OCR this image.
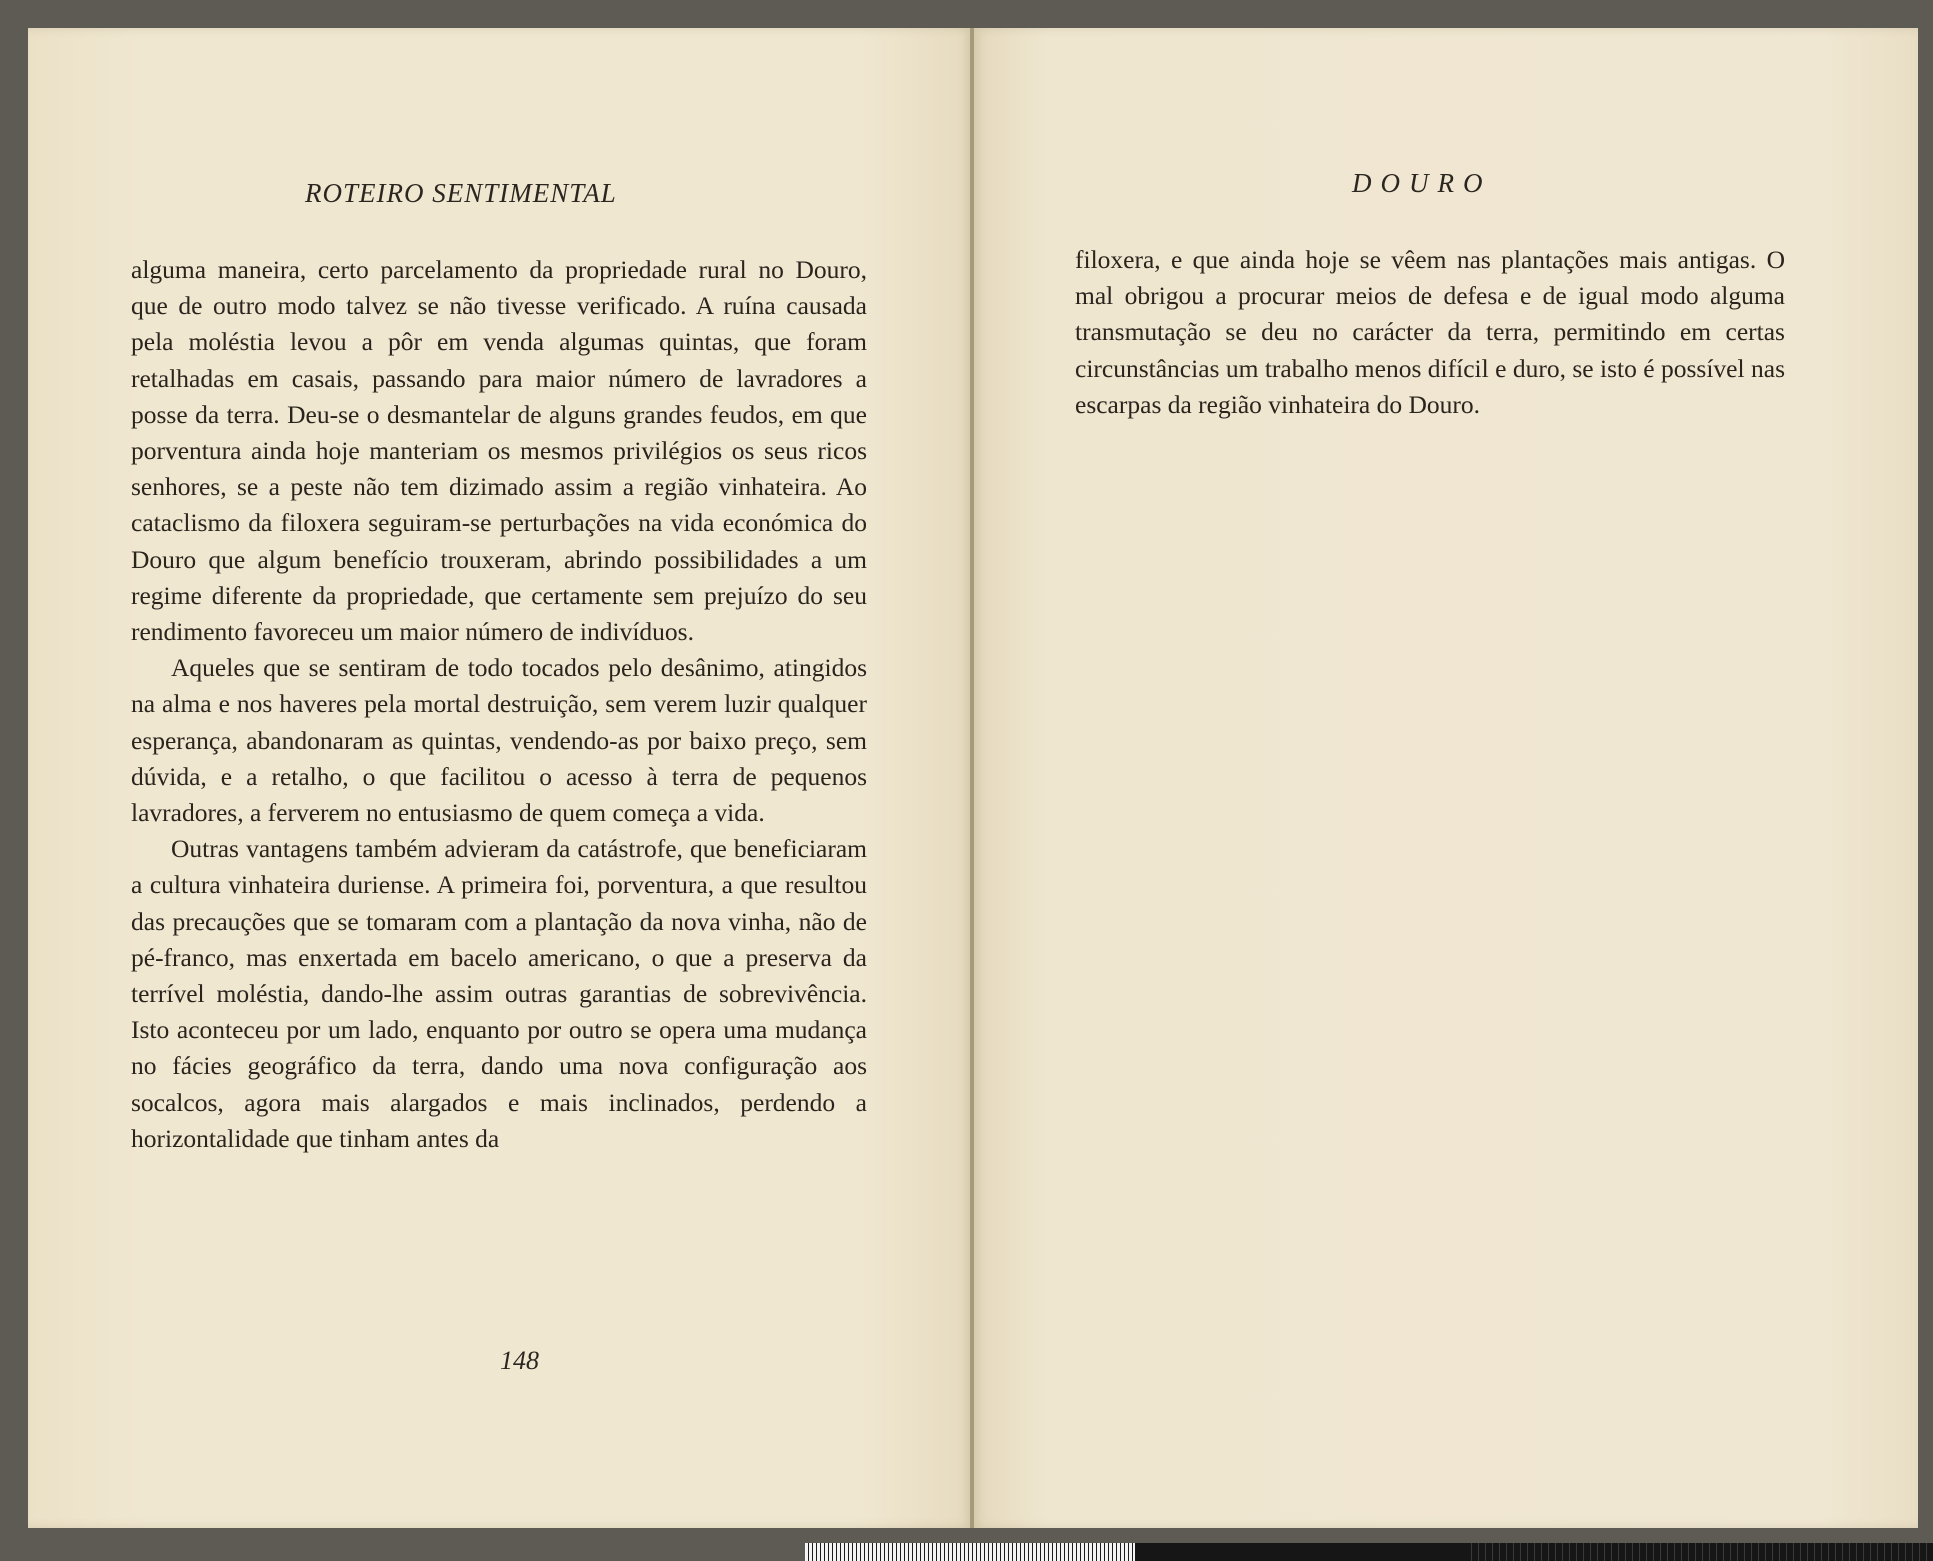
ROTEIRO SENTIMENTAL	DOURO

alguma maneira, certo parcelamento da propriedade rural no Douro, que de outro modo talvez se não tivesse verificado. A ruína causada pela moléstia levou a pôr em venda algumas quintas, que foram retalhadas em casais, passando para maior número de lavradores a posse da terra. Deu-se o desmantelar de alguns grandes feudos, em que porventura ainda hoje manteriam os mesmos privilégios os seus ricos senhores, se a peste não tem dizimado assim a região vinhateira. Ao cataclismo da filoxera seguiram-se perturbações na vida económica do Douro que algum benefício trouxeram, abrindo possibilidades a um regime diferente da propriedade, que certamente sem prejuízo do seu rendimento favoreceu um maior número de indivíduos.

Aqueles que se sentiram de todo tocados pelo desânimo, atingidos na alma e nos haveres pela mortal destruição, sem verem luzir qualquer esperança, abandonaram as quintas, vendendo-as por baixo preço, sem dúvida, e a retalho, o que facilitou o acesso à terra de pequenos lavradores, a ferverem no entusiasmo de quem começa a vida.

Outras vantagens também advieram da catástrofe, que beneficiaram a cultura vinhateira duriense. A primeira foi, porventura, a que resultou das precauções que se tomaram com a plantação da nova vinha, não de pé-franco, mas enxertada em bacelo americano, o que a preserva da terrível moléstia, dando-lhe assim outras garantias de sobrevivência. Isto aconteceu por um lado, enquanto por outro se opera uma mudança no fácies geográfico da terra, dando uma nova configuração aos socalcos, agora mais alargados e mais inclinados, perdendo a horizontalidade que tinham antes da

148

filoxera, e que ainda hoje se vêem nas plantações mais antigas. O mal obrigou a procurar meios de defesa e de igual modo alguma transmutação se deu no carácter da terra, permitindo em certas circunstâncias um trabalho menos difícil e duro, se isto é possível nas escarpas da região vinhateira do Douro.
